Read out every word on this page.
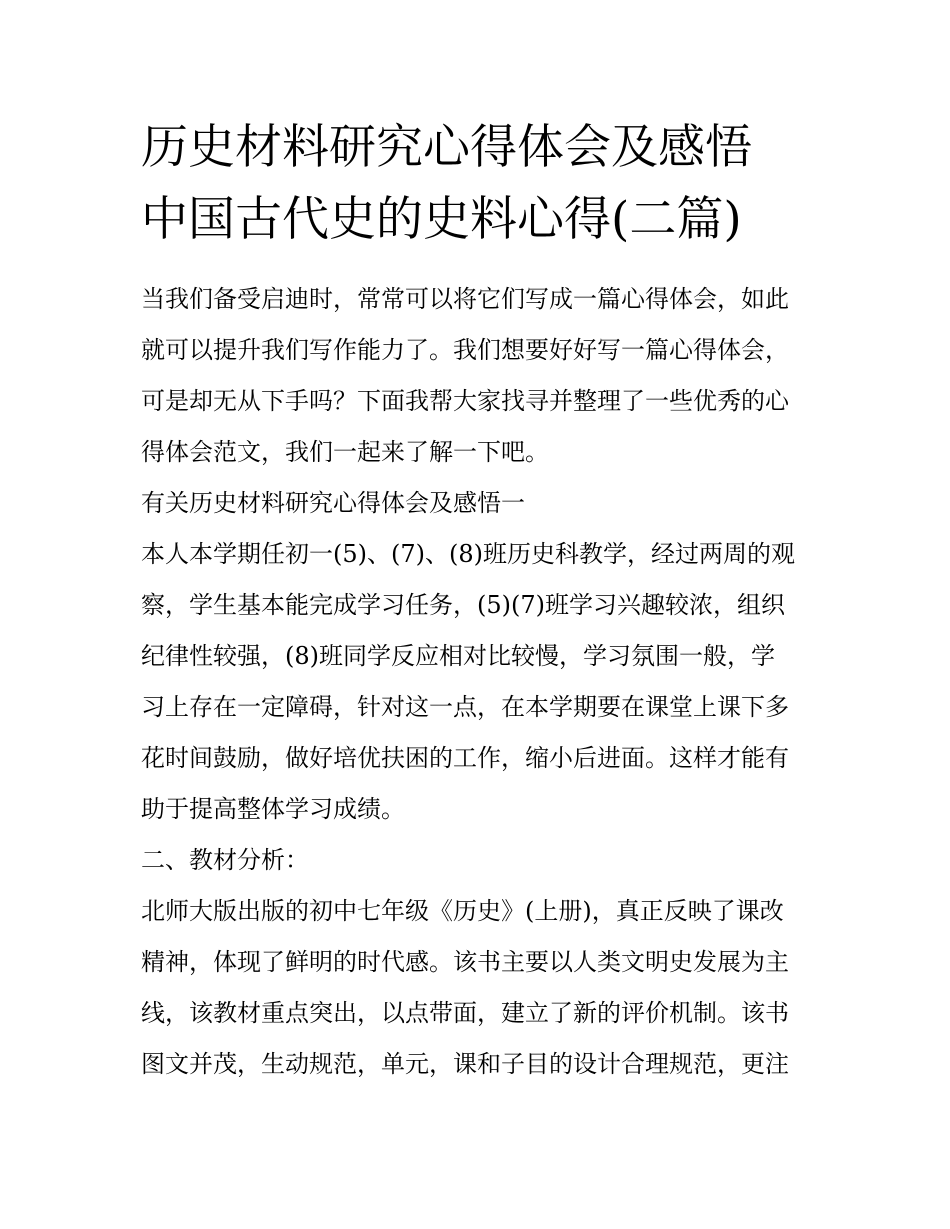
历史材料研究心得体会及感悟
中国古代史的史料心得(二篇)

当我们备受启迪时，常常可以将它们写成一篇心得体会，如此
就可以提升我们写作能力了。我们想要好好写一篇心得体会，
可是却无从下手吗？下面我帮大家找寻并整理了一些优秀的心
得体会范文，我们一起来了解一下吧。

有关历史材料研究心得体会及感悟一

本人本学期任初一(5)、(7)、(8)班历史科教学，经过两周的观
察，学生基本能完成学习任务，(5)(7)班学习兴趣较浓，组织
纪律性较强，(8)班同学反应相对比较慢，学习氛围一般，学
习上存在一定障碍，针对这一点，在本学期要在课堂上课下多
花时间鼓励，做好培优扶困的工作，缩小后进面。这样才能有
助于提高整体学习成绩。

二、教材分析：

北师大版出版的初中七年级《历史》(上册)，真正反映了课改
精神，体现了鲜明的时代感。该书主要以人类文明史发展为主
线，该教材重点突出，以点带面，建立了新的评价机制。该书
图文并茂，生动规范，单元，课和子目的设计合理规范，更注
